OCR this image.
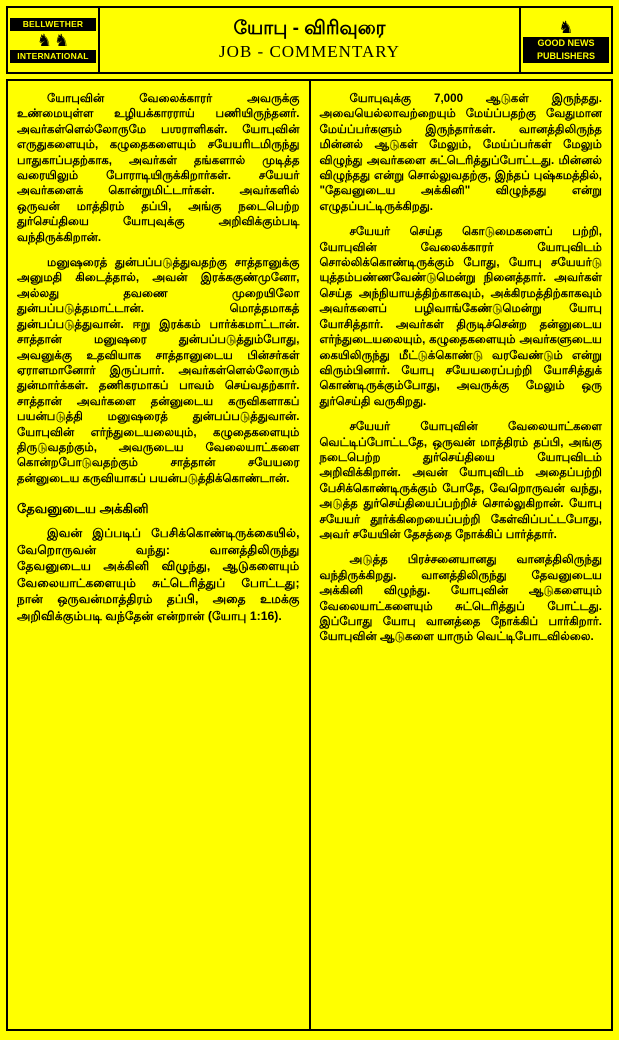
BELLWETHER
♞ ♞
INTERNATIONAL
யோபு - விரிவுரை
JOB - COMMENTARY
♞
GOOD NEWS
PUBLISHERS

யோபுவின் வேலைக்காரர் அவருக்கு உண்மையுள்ள உழியக்காரராய் பணியிருந்தனர். அவர்கள்ளெல்லோருமே பஶராளிகள். யோபுவின் எருதுகளையும், கழுதைகளையும் சயேயரிடமிருந்து பாதுகாப்பதற்காக, அவர்கள் தங்களால் முடித்த வரையிலும் போராடியிருக்கிறார்கள். சயேயர் அவர்களைக் கொன்றுமிட்டார்கள். அவர்களில் ஒருவன் மாத்திரம் தப்பி, அங்கு நடைபெற்ற துர்செய்தியை யோபுவுக்கு அறிவிக்கும்படி வந்திருக்கிறான்.

மனுஷரைத் துன்பப்படுத்துவதற்கு சாத்தானுக்கு அனுமதி கிடைத்தால், அவன் இரக்ககுண்முனோ, அல்லது தவணை முறையிலோ துன்பப்படுத்தமாட்டான். மொத்தமாகத் துன்பப்படுத்துவான். ஈறு இரக்கம் பார்க்கமாட்டான். சாத்தான் மனுஷரை துன்பப்படுத்தும்போது, அவனுக்கு உதவியாக சாத்தானுடைய பின்சர்கள் ஏராளமானோர் இருப்பார். அவர்கள்ளெல்லோரும் துன்மார்க்கள். தணிகரமாகப் பாவம் செய்வதற்கார். சாத்தான் அவர்களை தன்னுடைய கருவிகளாகப் பயன்படுத்தி மனுஷரைத் துன்பப்படுத்துவான். யோபுவின் எர்ந்துடையலையும், கழுதைகளையும் திருடுவதற்கும், அவருடைய வேலையாட்களை கொன்றபோடுவதற்கும் சாத்தான் சயேயரை தன்னுடைய கருவியாகப் பயன்படுத்திக்கொண்டான்.

தேவனுடைய அக்கினி

இவன் இப்படிப் பேசிக்கொண்டிருக்கையில், வேறொருவன் வந்து: வானத்திலிருந்து தேவனுடைய அக்கினி விழுந்து, ஆடுகளையும் வேலையாட்களையும் சுட்டெரித்துப் போட்டது; நான் ஒருவன்மாத்திரம் தப்பி, அதை உமக்கு அறிவிக்கும்படி வந்தேன் என்றான் (யோபு 1:16).

யோபுவுக்கு 7,000 ஆடுகள் இருந்தது. அவையெல்லாவற்றையும் மேய்ப்பதற்கு வேதுமான மேய்ப்பர்களும் இருந்தார்கள். வானத்திலிருந்த மின்னல் ஆடுகள் மேலும், மேய்ப்பர்கள் மேலும் விழுந்து அவர்களை சுட்டெரித்துப்போட்டது. மின்னல் விழுந்தது என்று சொல்லுவதற்கு, இந்தப் புஷ்கமத்தில், "தேவனுடைய அக்கினி" விழுந்தது என்று எழுதப்பட்டிருக்கிறது.

சயேயர் செய்த கொடுமைகளைப் பற்றி, யோபுவின் வேலைக்காரர் யோபுவிடம் சொல்லிக்கொண்டிருக்கும் போது, யோபு சயேயர்டு யுத்தம்பண்ணவேண்டுமென்று நினைத்தார். அவர்கள் செய்த அந்நியாயத்திற்காகவும், அக்கிரமத்திற்காகவும் அவர்களைப் பழிவாங்கேண்டுமென்று யோபு யோசித்தார். அவர்கள் திருடிச்சென்ற தன்னுடைய எர்ந்துடையலையும், கழுதைகளையும் அவர்களுடைய கையிலிருந்து மீட்டுக்கொண்டு வரவேண்டும் என்று விரும்பினார். யோபு சயேயரைப்பற்றி யோசித்துக் கொண்டிருக்கும்போது, அவருக்கு மேலும் ஒரு துர்செய்தி வருகிறது.

சயேயர் யோபுவின் வேலையாட்களை வெட்டிப்போட்டதே, ஒருவன் மாத்திரம் தப்பி, அங்கு நடைபெற்ற துர்செய்தியை யோபுவிடம் அறிவிக்கிறான். அவன் யோபுவிடம் அதைப்பற்றி பேசிக்கொண்டிருக்கும் போதே, வேறொருவன் வந்து, அடுத்த துர்செய்தியைப்பற்றிச் சொல்லுகிறான். யோபு சயேயர் தூர்க்கிறையைப்பற்றி கேள்விப்பட்டபோது, அவர் சயேயின் தேசத்தை நோக்கிப் பார்த்தார்.

அடுத்த பிரச்சனையானது வானத்திலிருந்து வந்திருக்கிறது. வானத்திலிருந்து தேவனுடைய அக்கினி விழுந்து. யோபுவின் ஆடுகளையும் வேலையாட்களையும் சுட்டெரித்துப் போட்டது. இப்போது யோபு வானத்தை நோக்கிப் பார்கிறார். யோபுவின் ஆடுகளை யாரும் வெட்டிபோடவில்லை.
